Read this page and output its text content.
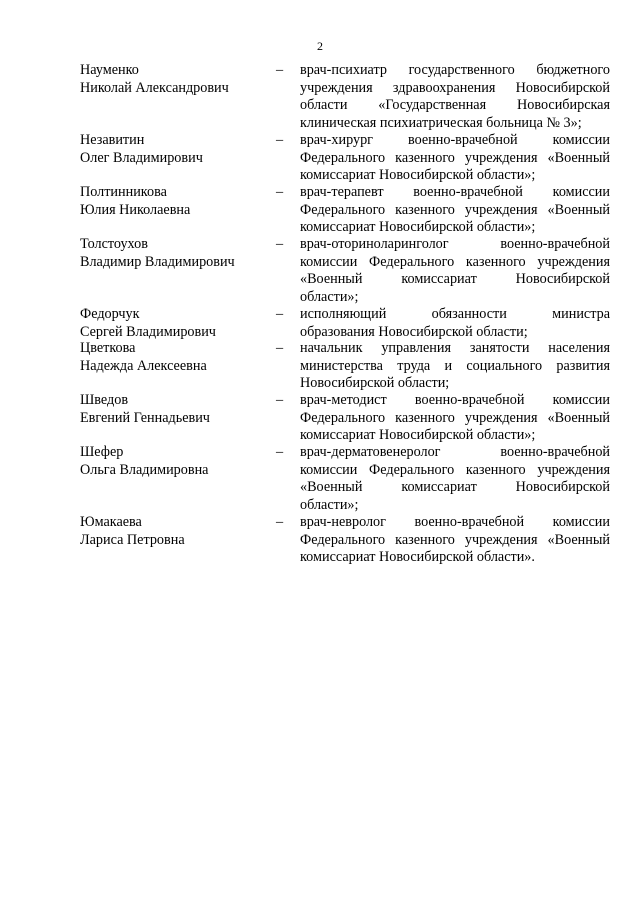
2
Науменко
Николай Александрович
– врач-психиатр государственного бюджетного
учреждения здравоохранения Новосибирской
области «Государственная Новосибирская
клиническая психиатрическая больница № 3»;
Незавитин
Олег Владимирович
– врач-хирург военно-врачебной комиссии
Федерального казенного учреждения «Военный
комиссариат Новосибирской области»;
Полтинникова
Юлия Николаевна
– врач-терапевт военно-врачебной комиссии
Федерального казенного учреждения «Военный
комиссариат Новосибирской области»;
Толстоухов
Владимир Владимирович
– врач-оториноларинголог военно-врачебной
комиссии Федерального казенного учреждения
«Военный комиссариат Новосибирской
области»;
Федорчук
Сергей Владимирович
– исполняющий обязанности министра
образования Новосибирской области;
Цветкова
Надежда Алексеевна
– начальник управления занятости населения
министерства труда и социального развития
Новосибирской области;
Шведов
Евгений Геннадьевич
– врач-методист военно-врачебной комиссии
Федерального казенного учреждения «Военный
комиссариат Новосибирской области»;
Шефер
Ольга Владимировна
– врач-дерматовенеролог военно-врачебной
комиссии Федерального казенного учреждения
«Военный комиссариат Новосибирской
области»;
Юмакаева
Лариса Петровна
– врач-невролог военно-врачебной комиссии
Федерального казенного учреждения «Военный
комиссариат Новосибирской области».
